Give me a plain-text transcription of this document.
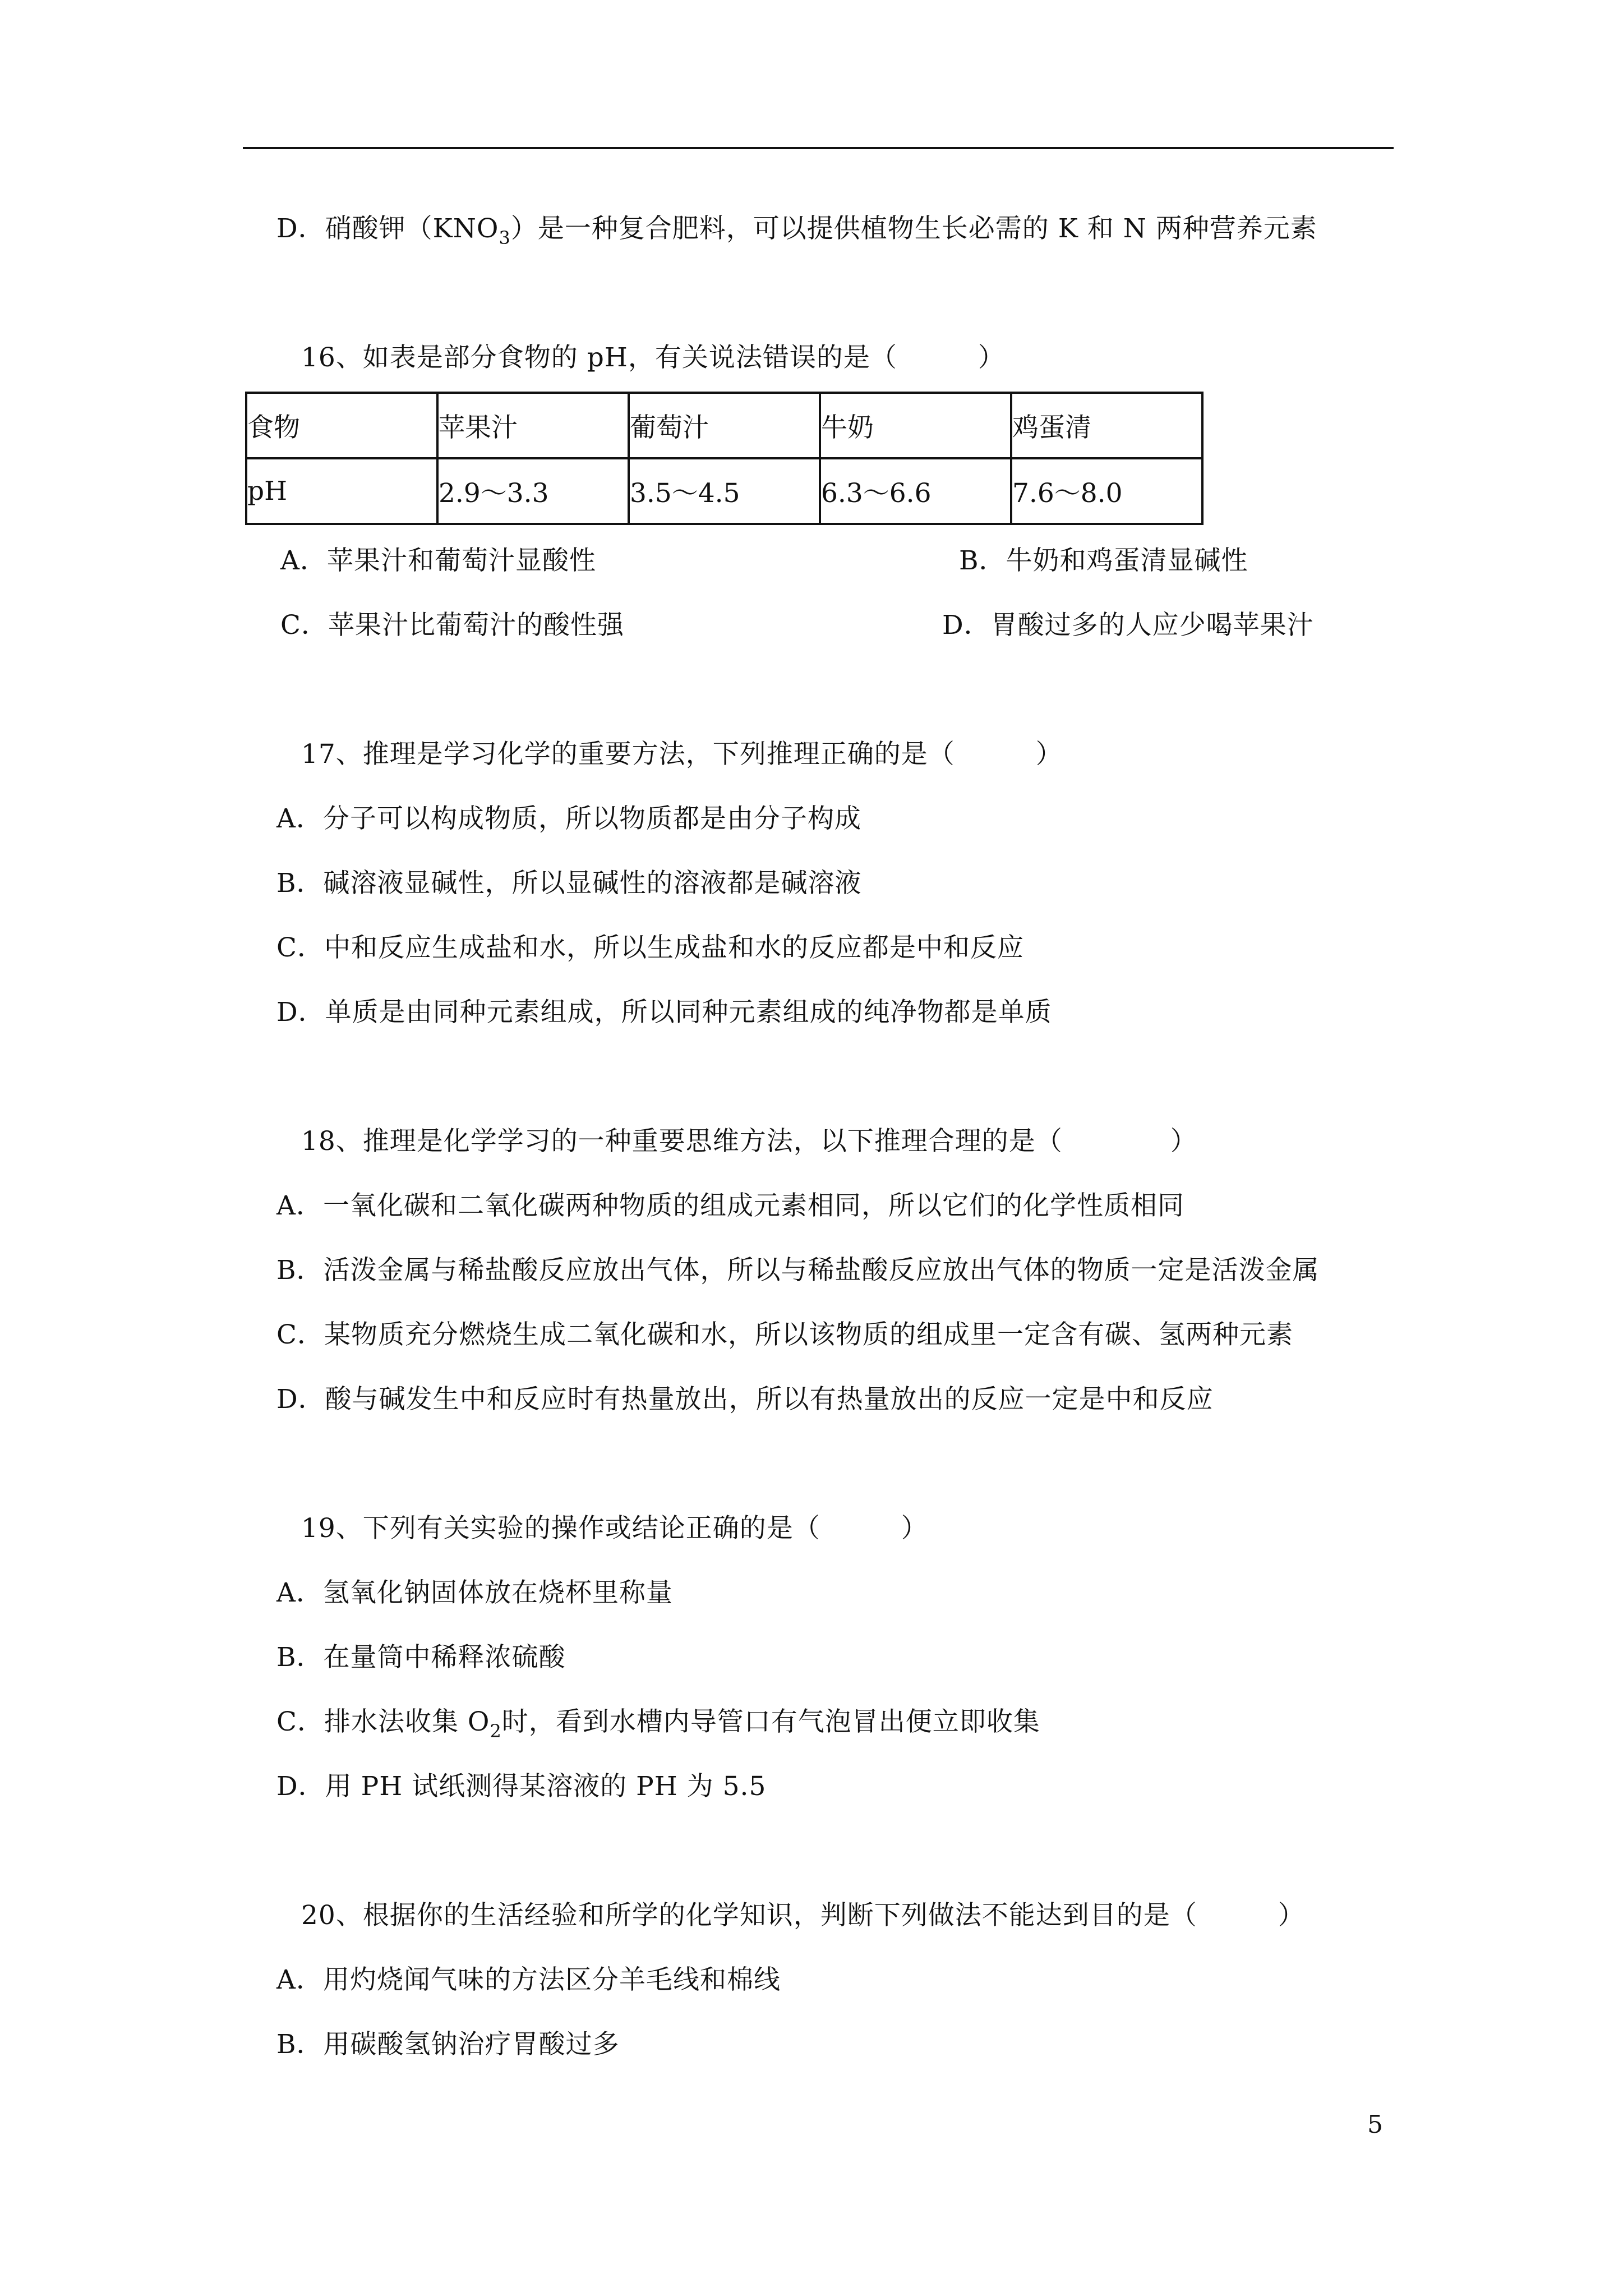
D．硝酸钾$(KNO_3)$是一种复合肥料，可以提供植物生长必需的 K 和 N 两种营养元素
16、如表是部分食物的 pH，有关说法错误的是（　　　）
食物	苹果汁	葡萄汁	牛奶	鸡蛋清
pH	2.9～3.3	3.5～4.5	6.3～6.6	7.6～8.0
A．苹果汁和葡萄汁显酸性	B．牛奶和鸡蛋清显碱性
C．苹果汁比葡萄汁的酸性强	D．胃酸过多的人应少喝苹果汁
17、推理是学习化学的重要方法，下列推理正确的是（　　　）
A．分子可以构成物质，所以物质都是由分子构成
B．碱溶液显碱性，所以显碱性的溶液都是碱溶液
C．中和反应生成盐和水，所以生成盐和水的反应都是中和反应
D．单质是由同种元素组成，所以同种元素组成的纯净物都是单质
18、推理是化学学习的一种重要思维方法，以下推理合理的是（　　　　）
A．一氧化碳和二氧化碳两种物质的组成元素相同，所以它们的化学性质相同
B．活泼金属与稀盐酸反应放出气体，所以与稀盐酸反应放出气体的物质一定是活泼金属
C．某物质充分燃烧生成二氧化碳和水，所以该物质的组成里一定含有碳、氢两种元素
D．酸与碱发生中和反应时有热量放出，所以有热量放出的反应一定是中和反应
19、下列有关实验的操作或结论正确的是（　　　）
A．氢氧化钠固体放在烧杯里称量
B．在量筒中稀释浓硫酸
C．排水法收集 $O_2$时，看到水槽内导管口有气泡冒出便立即收集
D．用 PH 试纸测得某溶液的 PH 为 5.5
20、根据你的生活经验和所学的化学知识，判断下列做法不能达到目的是（　　　）
A．用灼烧闻气味的方法区分羊毛线和棉线
B．用碳酸氢钠治疗胃酸过多
5
